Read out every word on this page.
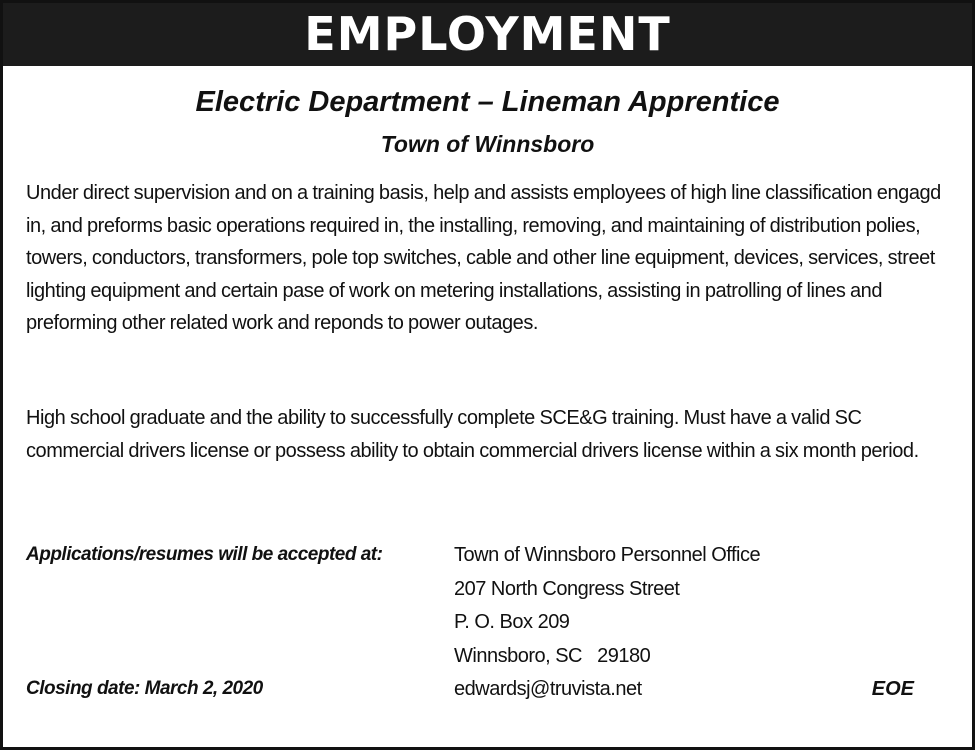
EMPLOYMENT
Electric Department – Lineman Apprentice
Town of Winnsboro

Under direct supervision and on a training basis, help and assists employees of high line classification engagd in, and preforms basic operations required in, the installing, removing, and maintaining of distribution polies, towers, conductors, transformers, pole top switches, cable and other line equipment, devices, services, street lighting equipment and certain pase of work on metering installations, assisting in patrolling of lines and preforming other related work and reponds to power outages.

High school graduate and the ability to successfully complete SCE&G training. Must have a valid SC commercial drivers license or possess ability to obtain commercial drivers license within a six month period.

Applications/resumes will be accepted at:	Town of Winnsboro Personnel Office
207 North Congress Street
P. O. Box 209
Winnsboro, SC   29180
edwardsj@truvista.net
Closing date: March 2, 2020	EOE
